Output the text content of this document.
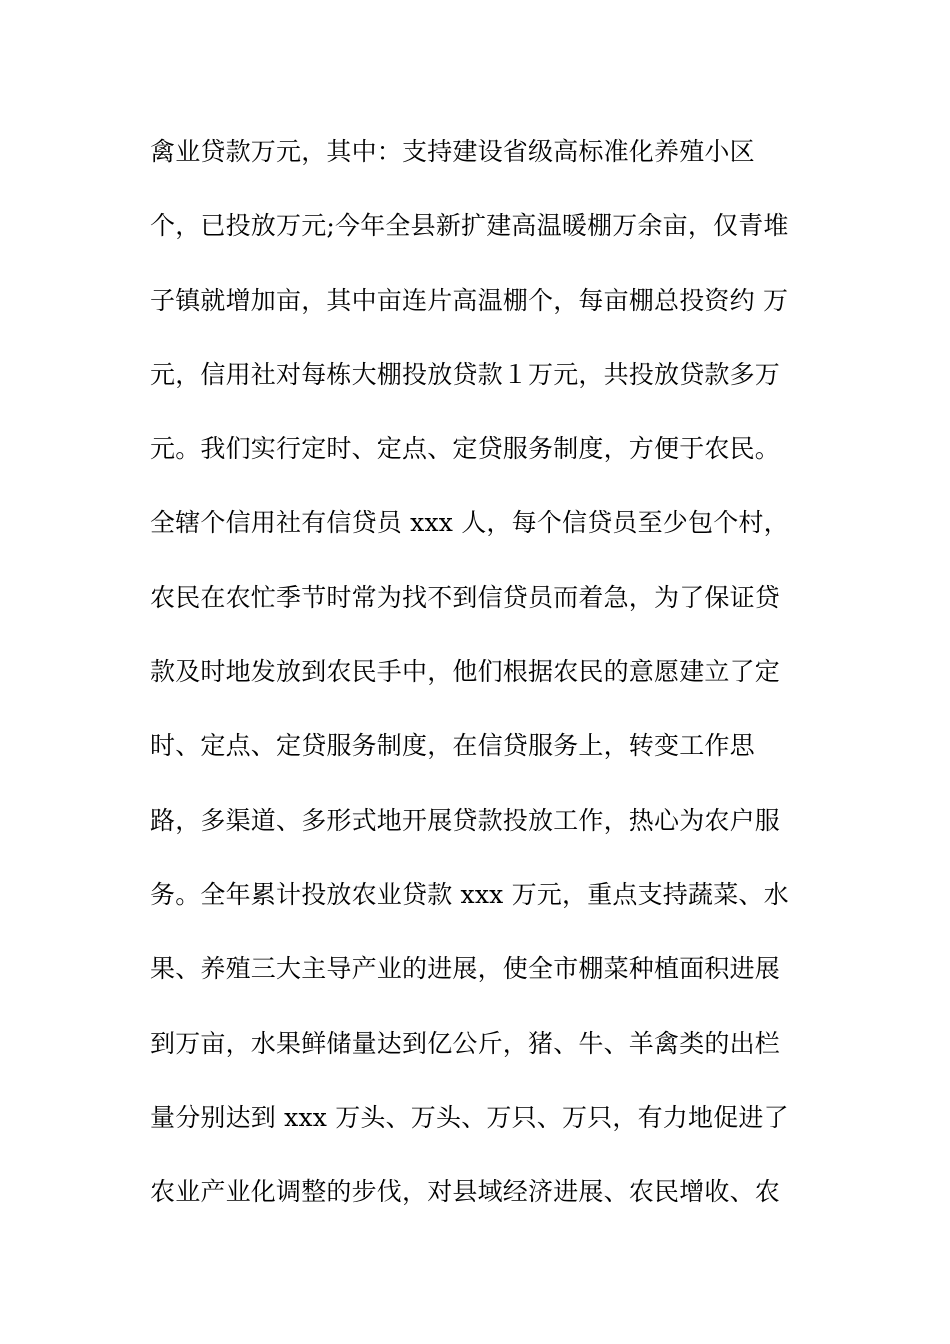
禽业贷款万元，其中：支持建设省级高标准化养殖小区
个，已投放万元;今年全县新扩建高温暖棚万余亩，仅青堆
子镇就增加亩，其中亩连片高温棚个，每亩棚总投资约 万
元，信用社对每栋大棚投放贷款１万元，共投放贷款多万
元。我们实行定时、定点、定贷服务制度，方便于农民。
全辖个信用社有信贷员 xxx 人，每个信贷员至少包个村，
农民在农忙季节时常为找不到信贷员而着急，为了保证贷
款及时地发放到农民手中，他们根据农民的意愿建立了定
时、定点、定贷服务制度，在信贷服务上，转变工作思
路，多渠道、多形式地开展贷款投放工作，热心为农户服
务。全年累计投放农业贷款 xxx 万元，重点支持蔬菜、水
果、养殖三大主导产业的进展，使全市棚菜种植面积进展
到万亩，水果鲜储量达到亿公斤，猪、牛、羊禽类的出栏
量分别达到 xxx 万头、万头、万只、万只，有力地促进了
农业产业化调整的步伐，对县域经济进展、农民增收、农
